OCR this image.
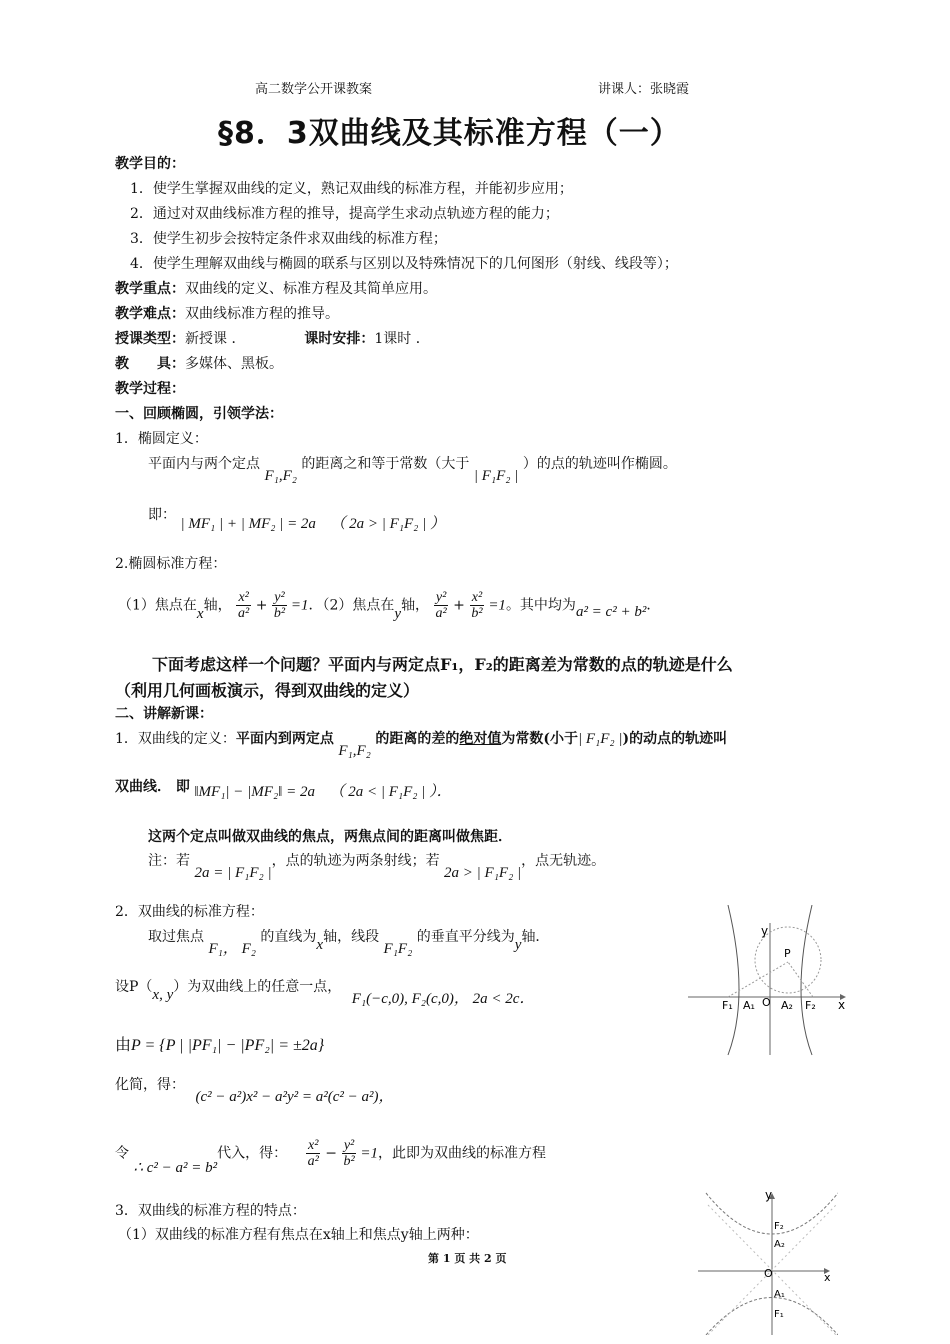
高二数学公开课教案	讲课人：张晓霞
§8．3双曲线及其标准方程（一）
教学目的：
1．使学生掌握双曲线的定义，熟记双曲线的标准方程，并能初步应用；
2．通过对双曲线标准方程的推导，提高学生求动点轨迹方程的能力；
3．使学生初步会按特定条件求双曲线的标准方程；
4．使学生理解双曲线与椭圆的联系与区别以及特殊情况下的几何图形（射线、线段等）；
教学重点：双曲线的定义、标准方程及其简单应用。
教学难点：双曲线标准方程的推导。
授课类型：新授课 ．	课时安排：1课时 ．
教　　具：多媒体、黑板。
教学过程：
一、回顾椭圆，引领学法：
1．椭圆定义：
平面内与两个定点 F₁,F₂ 的距离之和等于常数（大于 | F₁F₂ | ）的点的轨迹叫作椭圆。
即： | MF₁ | + | MF₂ | = 2a （ 2a > | F₁F₂ | ）
2.椭圆标准方程：
（1）焦点在x轴， $\frac{\text{x²}}{\text{a²}} + \frac{\text{y²}}{\text{b²}} =1$．（2）焦点在y轴， $\frac{\text{y²}}{\text{a²}} + \frac{\text{x²}}{\text{b²}} =1$。其中均为a² = c² + b²．
下面考虑这样一个问题？平面内与两定点F₁，F₂的距离差为常数的点的轨迹是什么
（利用几何画板演示，得到双曲线的定义）
二、讲解新课：
1．双曲线的定义：平面内到两定点 F₁,F₂ 的距离的差的绝对值为常数(小于| F₁F₂ |)的动点的轨迹叫
双曲线． 即 ‖MF₁| − |MF₂‖ = 2a （ 2a < | F₁F₂ | ）．
这两个定点叫做双曲线的焦点，两焦点间的距离叫做焦距．
注：若 2a = | F₁F₂ |，点的轨迹为两条射线；若 2a > | F₁F₂ |，点无轨迹。
2．双曲线的标准方程：
取过焦点 F₁， F₂ 的直线为x轴，线段 F₁F₂ 的垂直平分线为y轴．
设P（x, y）为双曲线上的任意一点， F₁(−c,0), F₂(c,0)， 2a < 2c．
由P = {P | |PF₁| − |PF₂| = ±2a}
化简，得： (c² − a²)x² − a²y² = a²(c² − a²)，
令 ∴ c² − a² = b²代入，得： $\frac{\text{x²}}{\text{a²}} - \frac{\text{y²}}{\text{b²}} =1$，此即为双曲线的标准方程
3．双曲线的标准方程的特点：
（1）双曲线的标准方程有焦点在x轴上和焦点y轴上两种：
第 1 页 共 2 页
y
P
F₁ A₁ O A₂ F₂ x
y
F₂
A₂
O	x
A₁
F₁
